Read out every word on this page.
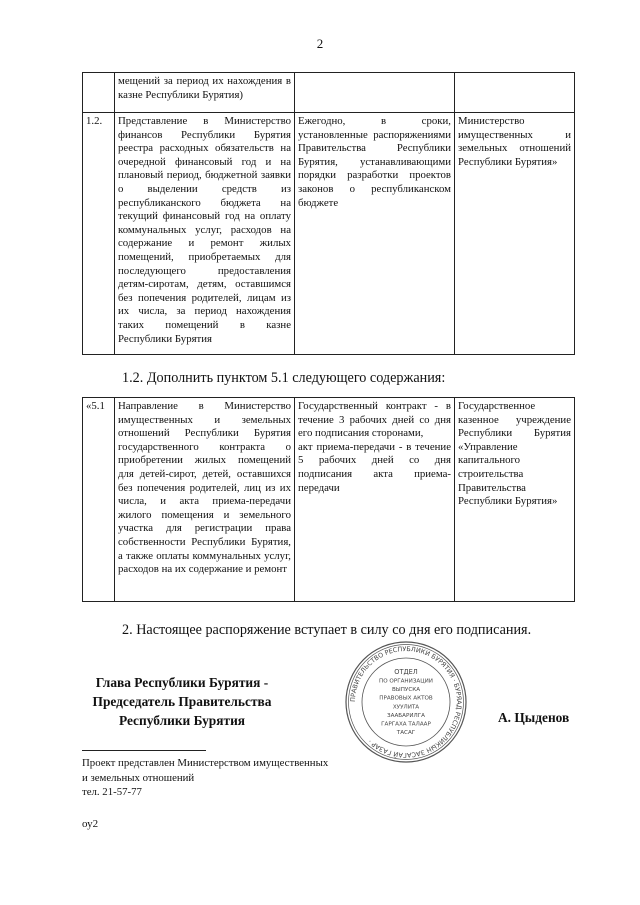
2
	мещений за период их нахождения в казне Республики Бурятия)		
1.2.	Представление в Министерство финансов Республики Бурятия реестра расходных обязательств на очередной финансовый год и на плановый период, бюджетной заявки о выделении средств из республиканского бюджета на текущий финансовый год на оплату коммунальных услуг, расходов на содержание и ремонт жилых помещений, приобретаемых для последующего предоставления детям-сиротам, детям, оставшимся без попечения родителей, лицам из их числа, за период нахождения таких помещений в казне Республики Бурятия	Ежегодно, в сроки, установленные распоряжениями Правительства Республики Бурятия, устанавливающими порядки разработки проектов законов о республиканском бюджете	Министерство имущественных и земельных отношений Республики Бурятия»
1.2. Дополнить пунктом 5.1 следующего содержания:
«5.1	Направление в Министерство имущественных и земельных отношений Республики Бурятия государственного контракта о приобретении жилых помещений для детей-сирот, детей, оставшихся без попечения родителей, лиц из их числа, и акта приема-передачи жилого помещения и земельного участка для регистрации права собственности Республики Бурятия, а также оплаты коммунальных услуг, расходов на их содержание и ремонт	Государственный контракт - в течение 3 рабочих дней со дня его подписания сторонами,
акт приема-передачи - в течение 5 рабочих дней со дня подписания акта приема-передачи	Государственное казенное учреждение Республики Бурятия «Управление капитального строительства Правительства Республики Бурятия»
2. Настоящее распоряжение вступает в силу со дня его подписания.
Глава Республики Бурятия -
Председатель Правительства
Республики Бурятия
ПРАВИТЕЛЬСТВО РЕСПУБЛИКИ БУРЯТИЯ · БУРЯАД РЕСПУБЛИКЫН ЗАСАГАЙ ГАЗАР ·
ОТДЕЛ
ПО ОРГАНИЗАЦИИ
ВЫПУСКА
ПРАВОВЫХ АКТОВ
ХУУЛИТА
ЗААБАРИЛГА
ГАРГАХА ТАЛААР
ТАСАГ
А. Цыденов
Проект представлен Министерством имущественных
и земельных отношений
тел. 21-57-77
оу2
